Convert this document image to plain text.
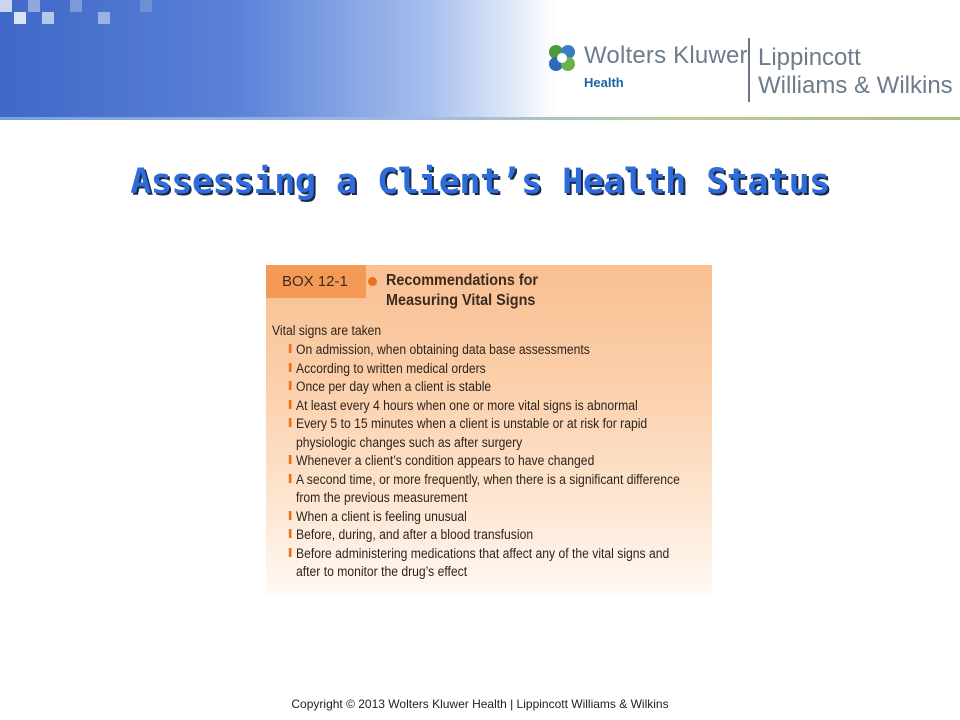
Wolters Kluwer
Health
Lippincott
Williams & Wilkins
Assessing a Client’s Health Status
BOX 12-1 Recommendations for
Measuring Vital Signs
Vital signs are taken
On admission, when obtaining data base assessments
According to written medical orders
Once per day when a client is stable
At least every 4 hours when one or more vital signs is abnormal
Every 5 to 15 minutes when a client is unstable or at risk for rapid
physiologic changes such as after surgery
Whenever a client’s condition appears to have changed
A second time, or more frequently, when there is a significant difference
from the previous measurement
When a client is feeling unusual
Before, during, and after a blood transfusion
Before administering medications that affect any of the vital signs and
after to monitor the drug’s effect
Copyright © 2013 Wolters Kluwer Health | Lippincott Williams & Wilkins
